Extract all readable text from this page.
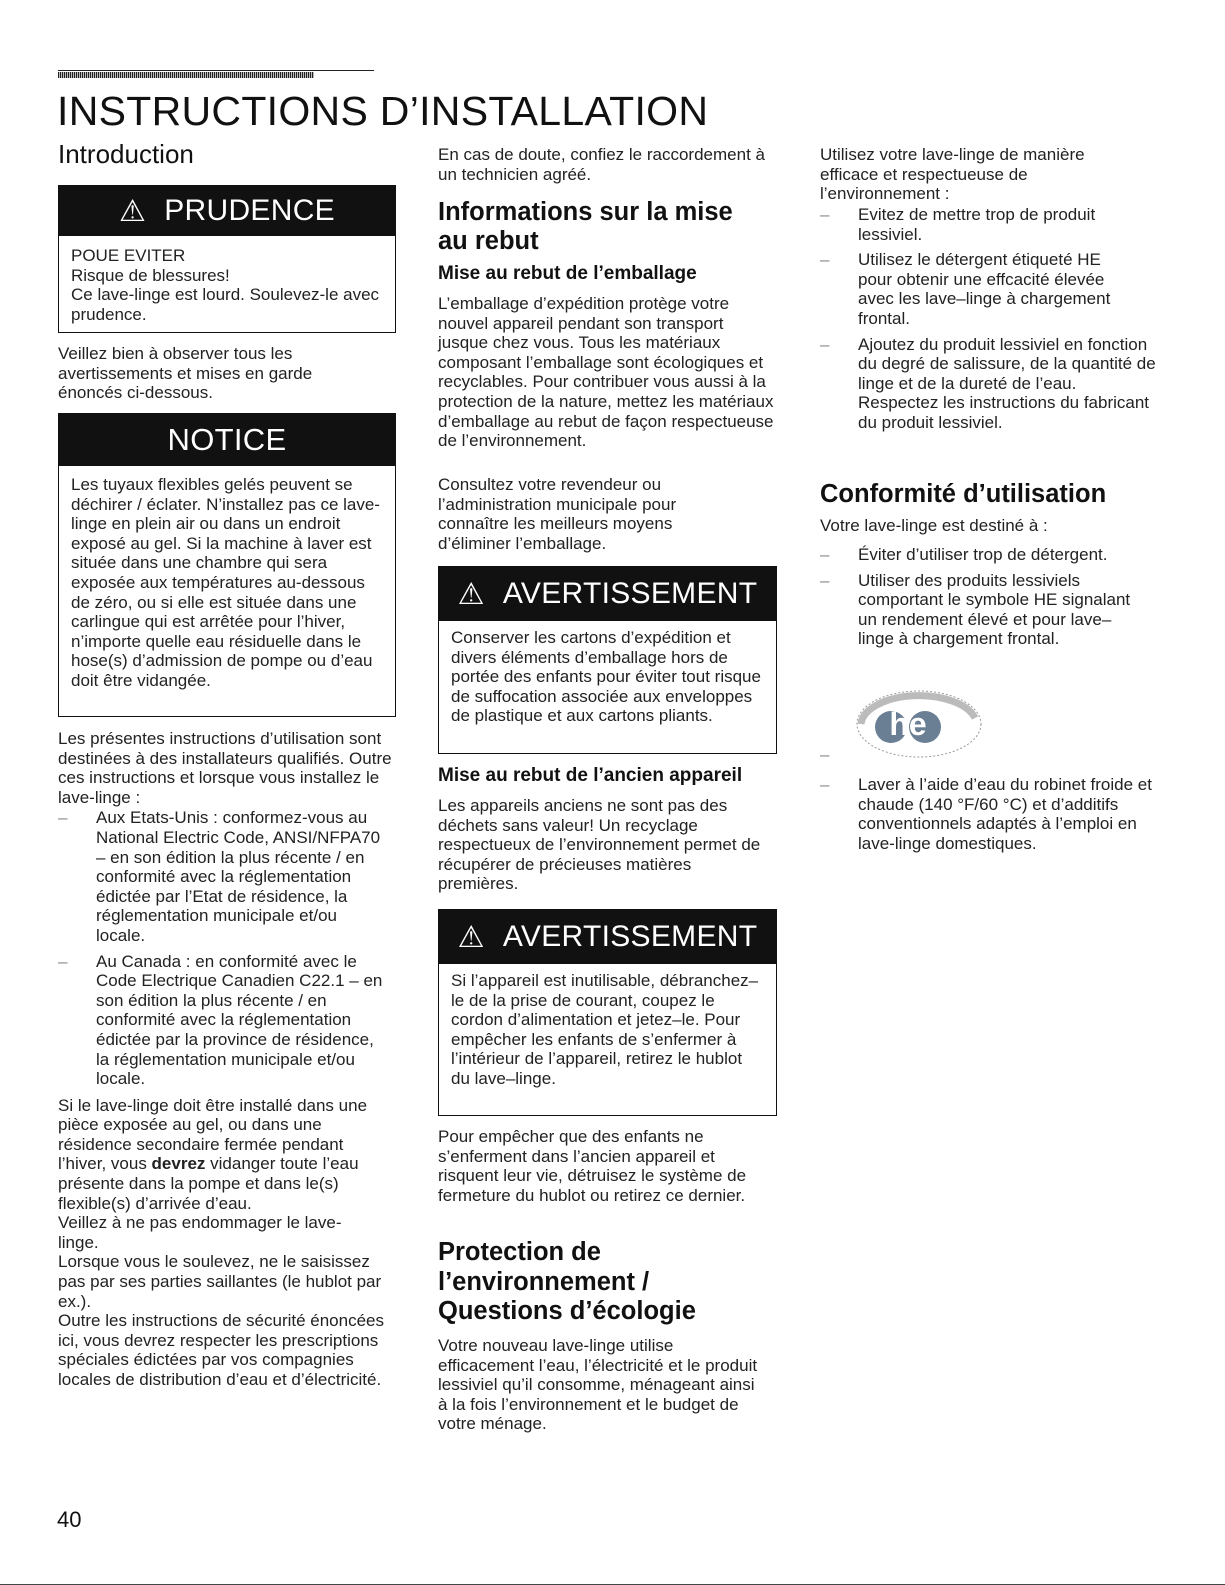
INSTRUCTIONS D’INSTALLATION
Introduction
⚠ PRUDENCE

POUE EVITER

Risque de blessures!

Ce lave-linge est lourd. Soulevez-le avec prudence.

Veillez bien à observer tous les avertissements et mises en garde énoncés ci-dessous.

NOTICE

Les tuyaux flexibles gelés peuvent se déchirer / éclater. N’installez pas ce lave-linge en plein air ou dans un endroit exposé au gel. Si la machine à laver est située dans une chambre qui sera exposée aux températures au-dessous de zéro, ou si elle est située dans une carlingue qui est arrêtée pour l’hiver, n’importe quelle eau résiduelle dans le hose(s) d’admission de pompe ou d’eau doit être vidangée.

Les présentes instructions d’utilisation sont destinées à des installateurs qualifiés. Outre ces instructions et lorsque vous installez le lave-linge :

– Aux Etats-Unis : conformez-vous au National Electric Code, ANSI/NFPA70 – en son édition la plus récente / en conformité avec la réglementation édictée par l’Etat de résidence, la réglementation municipale et/ou locale.
– Au Canada : en conformité avec le Code Electrique Canadien C22.1 – en son édition la plus récente / en conformité avec la réglementation édictée par la province de résidence, la réglementation municipale et/ou locale.

Si le lave-linge doit être installé dans une pièce exposée au gel, ou dans une résidence secondaire fermée pendant l’hiver, vous devrez vidanger toute l’eau présente dans la pompe et dans le(s) flexible(s) d’arrivée d’eau.

Veillez à ne pas endommager le lave-linge.

Lorsque vous le soulevez, ne le saisissez pas par ses parties saillantes (le hublot par ex.).

Outre les instructions de sécurité énoncées ici, vous devrez respecter les prescriptions spéciales édictées par vos compagnies locales de distribution d’eau et d’électricité.

En cas de doute, confiez le raccordement à un technicien agréé.

Informations sur la mise au rebut
Mise au rebut de l’emballage

L’emballage d’expédition protège votre nouvel appareil pendant son transport jusque chez vous. Tous les matériaux composant l’emballage sont écologiques et recyclables. Pour contribuer vous aussi à la protection de la nature, mettez les matériaux d’emballage au rebut de façon respectueuse de l’environnement.

Consultez votre revendeur ou l’administration municipale pour connaître les meilleurs moyens d’éliminer l’emballage.

⚠ AVERTISSEMENT

Conserver les cartons d’expédition et divers éléments d’emballage hors de portée des enfants pour éviter tout risque de suffocation associée aux enveloppes de plastique et aux cartons pliants.

Mise au rebut de l’ancien appareil

Les appareils anciens ne sont pas des déchets sans valeur! Un recyclage respectueux de l’environnement permet de récupérer de précieuses matières premières.

⚠ AVERTISSEMENT

Si l’appareil est inutilisable, débranchez–le de la prise de courant, coupez le cordon d’alimentation et jetez–le. Pour empêcher les enfants de s’enfermer à l’intérieur de l’appareil, retirez le hublot du lave–linge.

Pour empêcher que des enfants ne s’enferment dans l’ancien appareil et risquent leur vie, détruisez le système de fermeture du hublot ou retirez ce dernier.

Protection de l’environnement / Questions d’écologie

Votre nouveau lave-linge utilise efficacement l’eau, l’électricité et le produit lessiviel qu’il consomme, ménageant ainsi à la fois l’environnement et le budget de votre ménage.

Utilisez votre lave-linge de manière efficace et respectueuse de l’environnement :

– Evitez de mettre trop de produit lessiviel.
– Utilisez le détergent étiqueté HE pour obtenir une effcacité élevée avec les lave–linge à chargement frontal.
– Ajoutez du produit lessiviel en fonction du degré de salissure, de la quantité de linge et de la dureté de l’eau. Respectez les instructions du fabricant du produit lessiviel.
Conformité d’utilisation

Votre lave-linge est destiné à :

– Éviter d’utiliser trop de détergent.
– Utiliser des produits lessiviels comportant le symbole HE signalant un rendement élevé et pour lave–linge à chargement frontal.
–
– Laver à l’aide d’eau du robinet froide et chaude (140 °F/60 °C) et d’additifs conventionnels adaptés à l’emploi en lave-linge domestiques.
he
40
